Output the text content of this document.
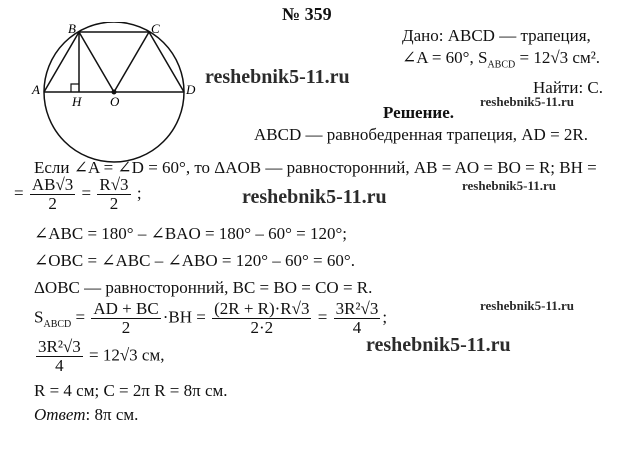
№ 359
A
B	C
D
H O
Дано: ABCD — трапеция,
∠A = 60°, $S_{ABCD} = 12√3$ см².
Найти: C.
reshebnik5-11.ru
reshebnik5-11.ru
reshebnik5-11.ru
reshebnik5-11.ru
reshebnik5-11.ru
reshebnik5-11.ru
Решение.
ABCD — равнобедренная трапеция, AD = 2R.
Если ∠A = ∠D = 60°, то ΔAOB — равносторонний, AB = AO = BO = R; BH =
= $\frac{AB√3}{2} = \frac{R√3}{2}$ ;
∠ABC = 180° – ∠BAO = 180° – 60° = 120°;
∠OBC = ∠ABC – ∠ABO = 120° – 60° = 60°.
ΔOBC — равносторонний, BC = BO = CO = R.
$S_{ABCD} = \frac{AD + BC}{2} \cdot BH = \frac{(2R + R)\cdot R√3}{2\cdot 2} = \frac{\text{3R²√3}}{4}$ ;
$\frac{\text{3R²√3}}{4} = 12√3$ см,
R = 4 см; C = 2π R = 8π см.
Ответ: 8π см.
